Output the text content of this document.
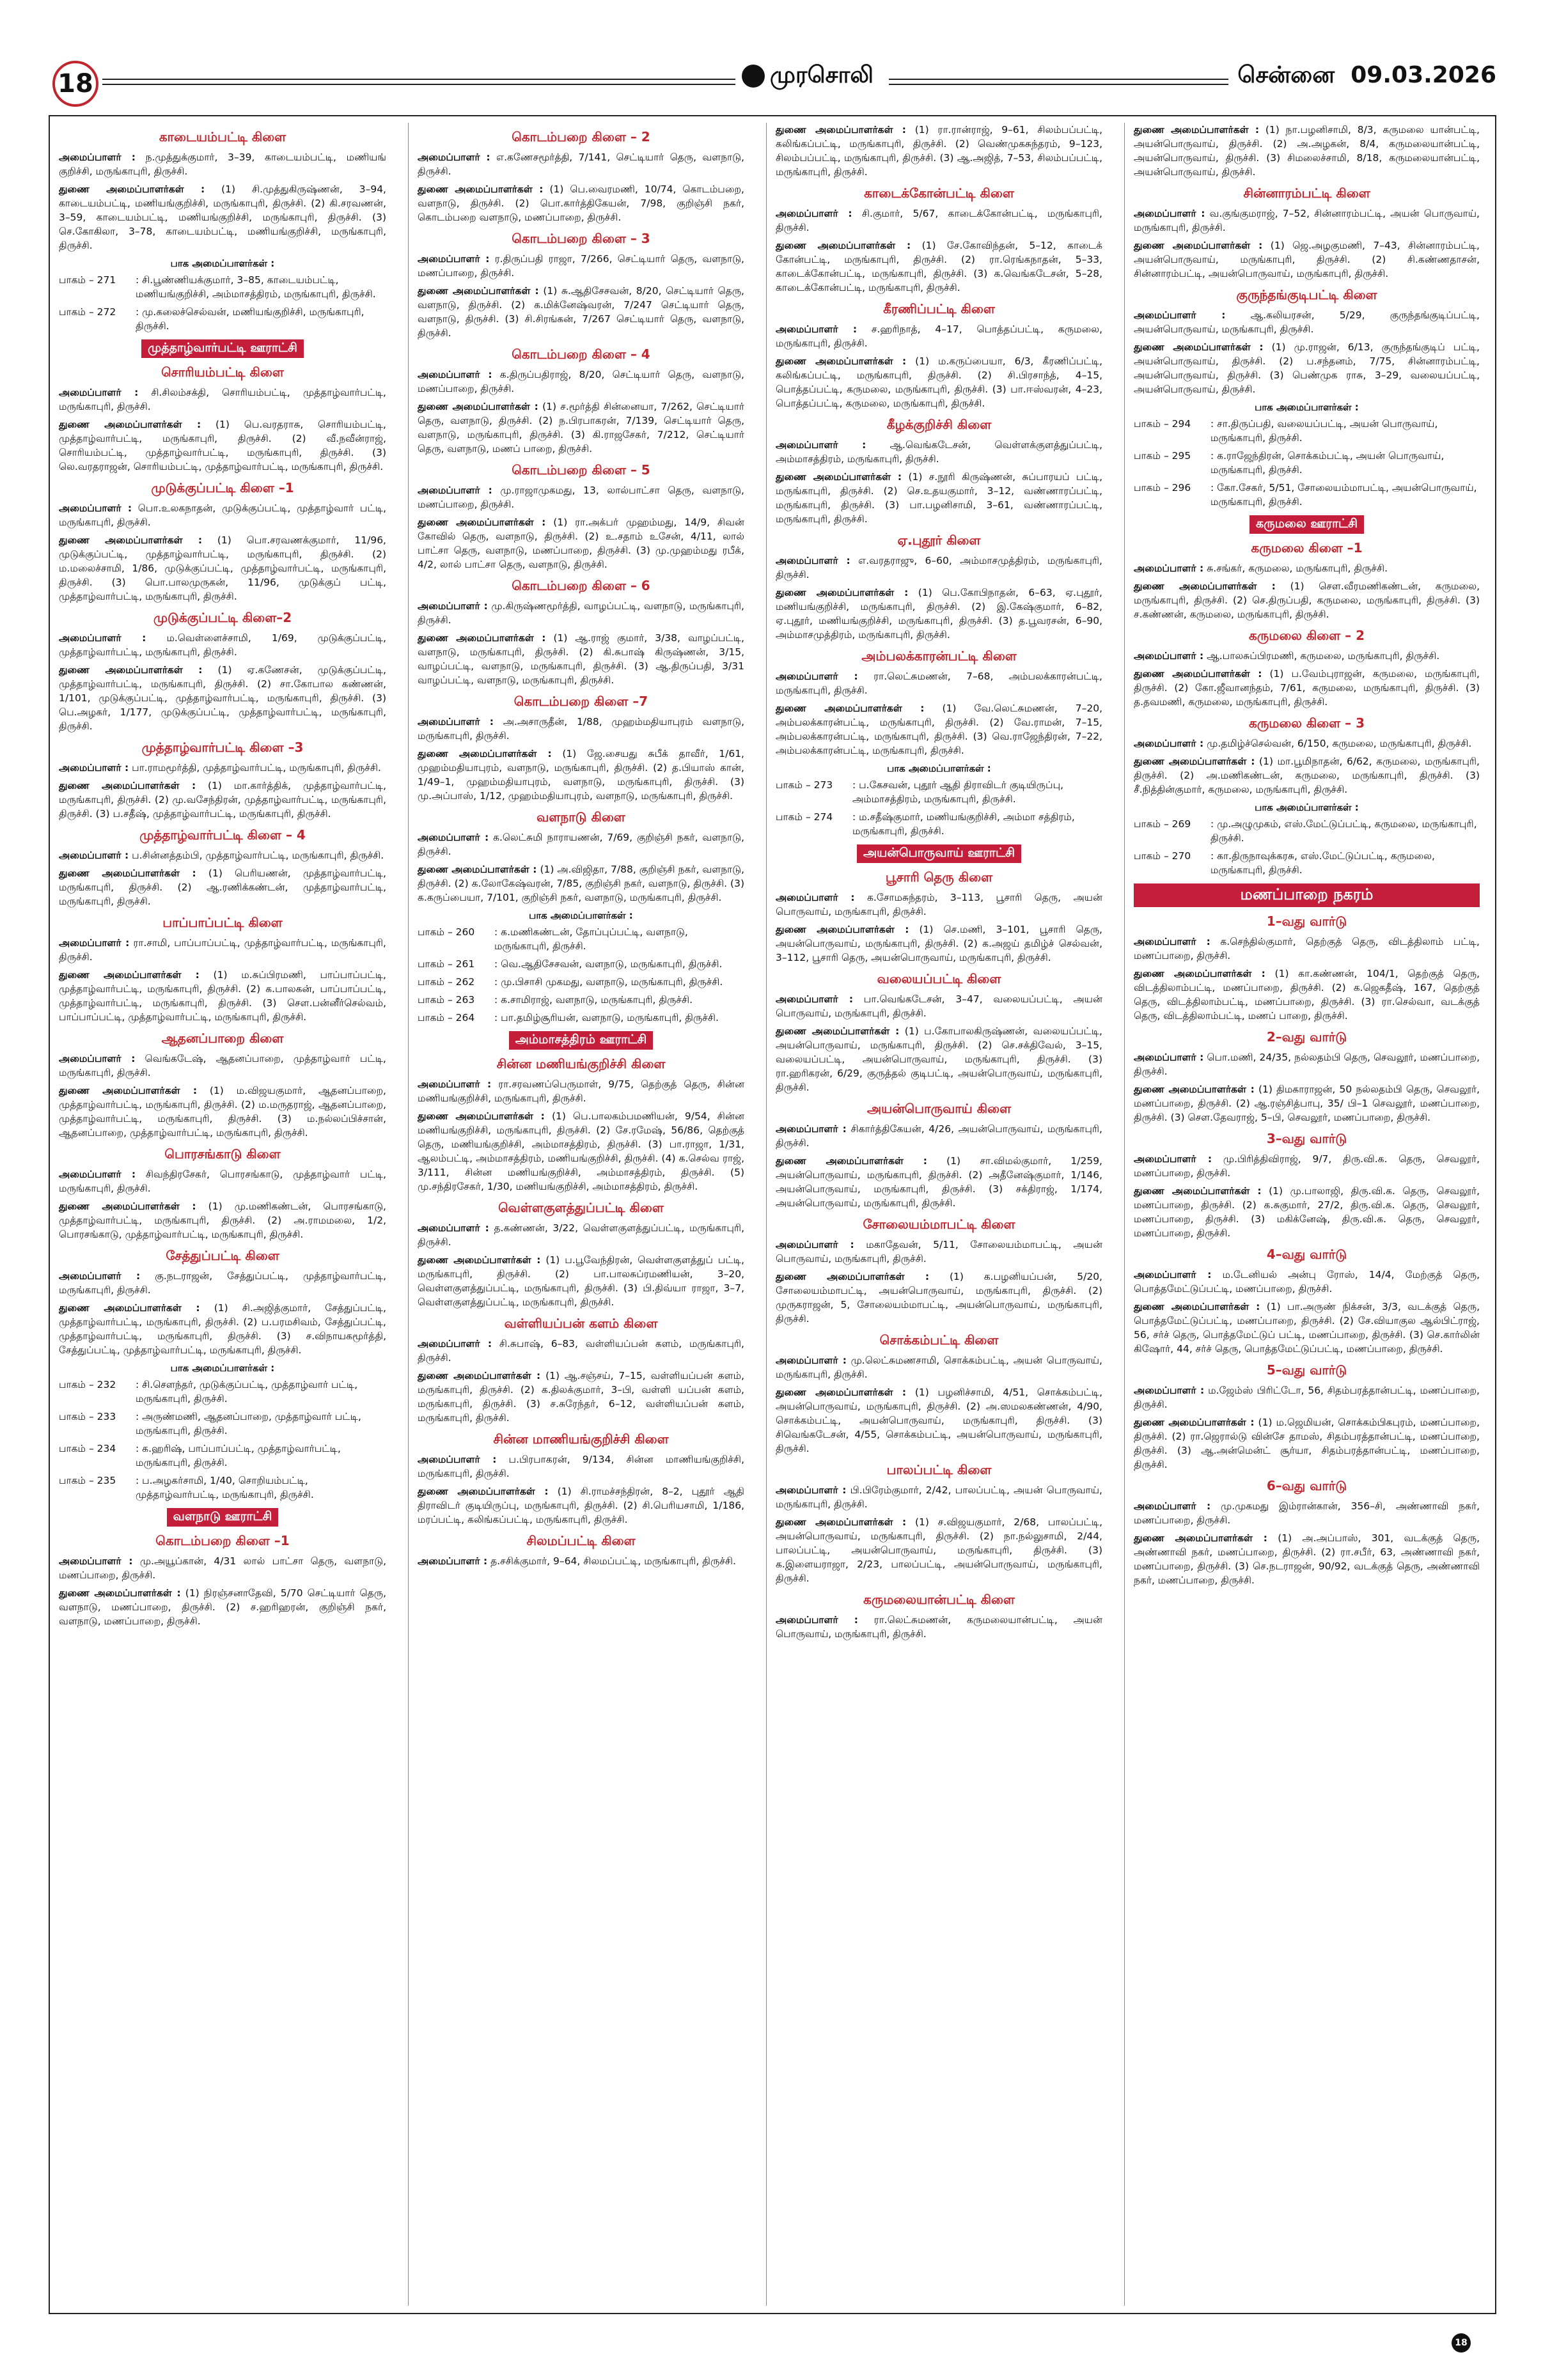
18	முரசொலி	சென்னை 09.03.2026
காடையம்பட்டி கிளை

அமைப்பாளர் : ந.முத்துக்குமார், 3–39, காடையம்பட்டி, மணியங் குறிச்சி, மருங்காபுரி, திருச்சி.

துணை அமைப்பாளர்கள் : (1) சி.முத்துகிருஷ்ணன், 3–94, காடையம்பட்டி, மணியங்குறிச்சி, மருங்காபுரி, திருச்சி. (2) கி.சரவணன், 3–59, காடையம்பட்டி, மணியங்குறிச்சி, மருங்காபுரி, திருச்சி. (3) செ.கோகிலா, 3–78, காடையம்பட்டி, மணியங்குறிச்சி, மருங்காபுரி, திருச்சி.

பாக அமைப்பாளர்கள் :
பாகம் – 271	: சி.பூண்ணியக்குமார், 3–85, காடையம்பட்டி, மணியங்குறிச்சி, அம்மாசத்திரம், மருங்காபுரி, திருச்சி.
பாகம் – 272	: மு.கலைச்செல்வன், மணியங்குறிச்சி, மருங்காபுரி, திருச்சி.
முத்தாழ்வார்பட்டி ஊராட்சி
சொரியம்பட்டி கிளை

அமைப்பாளர் : சி.சிலம்சக்தி, சொரியம்பட்டி, முத்தாழ்வார்பட்டி, மருங்காபுரி, திருச்சி.

துணை அமைப்பாளர்கள் : (1) பெ.வரதராசு, சொரியம்பட்டி, முத்தாழ்வார்பட்டி, மருங்காபுரி, திருச்சி. (2) வீ.நவீன்ராஜ், சொரியம்பட்டி, முத்தாழ்வார்பட்டி, மருங்காபுரி, திருச்சி. (3) லெ.வரதராஜன், சொரியம்பட்டி, முத்தாழ்வார்பட்டி, மருங்காபுரி, திருச்சி.

முடுக்குப்பட்டி கிளை –1

அமைப்பாளர் : பொ.உலகநாதன், முடுக்குப்பட்டி, முத்தாழ்வார் பட்டி, மருங்காபுரி, திருச்சி.

துணை அமைப்பாளர்கள் : (1) பொ.சரவணக்குமார், 11/96, முடுக்குப்பட்டி, முத்தாழ்வார்பட்டி, மருங்காபுரி, திருச்சி. (2) ம.மலைச்சாமி, 1/86, முடுக்குப்பட்டி, முத்தாழ்வார்பட்டி, மருங்காபுரி, திருச்சி. (3) பொ.பாலமுருகன், 11/96, முடுக்குப் பட்டி, முத்தாழ்வார்பட்டி, மருங்காபுரி, திருச்சி.

முடுக்குப்பட்டி கிளை–2

அமைப்பாளர் : ம.வெள்ளைச்சாமி, 1/69, முடுக்குப்பட்டி, முத்தாழ்வார்பட்டி, மருங்காபுரி, திருச்சி.

துணை அமைப்பாளர்கள் : (1) ஏ.கணேசன், முடுக்குப்பட்டி, முத்தாழ்வார்பட்டி, மருங்காபுரி, திருச்சி. (2) சா.கோபால கண்ணன், 1/101, முடுக்குப்பட்டி, முத்தாழ்வார்பட்டி, மருங்காபுரி, திருச்சி. (3) பெ.அழகர், 1/177, முடுக்குப்பட்டி, முத்தாழ்வார்பட்டி, மருங்காபுரி, திருச்சி.

முத்தாழ்வார்பட்டி கிளை –3

அமைப்பாளர் : பா.ராமமூர்த்தி, முத்தாழ்வார்பட்டி, மருங்காபுரி, திருச்சி.

துணை அமைப்பாளர்கள் : (1) மா.கார்த்திக், முத்தாழ்வார்பட்டி, மருங்காபுரி, திருச்சி. (2) மு.வசேந்திரன், முத்தாழ்வார்பட்டி, மருங்காபுரி, திருச்சி. (3) ப.சதீஷ், முத்தாழ்வார்பட்டி, மருங்காபுரி, திருச்சி.

முத்தாழ்வார்பட்டி கிளை – 4

அமைப்பாளர் : ப.சின்னத்தம்பி, முத்தாழ்வார்பட்டி, மருங்காபுரி, திருச்சி.

துணை அமைப்பாளர்கள் : (1) பெரியணன், முத்தாழ்வார்பட்டி, மருங்காபுரி, திருச்சி. (2) ஆ.ரணிக்கண்டன், முத்தாழ்வார்பட்டி, மருங்காபுரி, திருச்சி.

பாப்பாப்பட்டி கிளை

அமைப்பாளர் : ரா.சாமி, பாப்பாப்பட்டி, முத்தாழ்வார்பட்டி, மருங்காபுரி, திருச்சி.

துணை அமைப்பாளர்கள் : (1) ம.சுப்பிரமணி, பாப்பாப்பட்டி, முத்தாழ்வார்பட்டி, மருங்காபுரி, திருச்சி. (2) க.பாலகன், பாப்பாப்பட்டி, முத்தாழ்வார்பட்டி, மருங்காபுரி, திருச்சி. (3) சௌ.பன்னீர்செல்வம், பாப்பாப்பட்டி, முத்தாழ்வார்பட்டி, மருங்காபுரி, திருச்சி.

ஆதனப்பாறை கிளை

அமைப்பாளர் : வெங்கடேஷ், ஆதனப்பாறை, முத்தாழ்வார் பட்டி, மருங்காபுரி, திருச்சி.

துணை அமைப்பாளர்கள் : (1) ம.விஜயகுமார், ஆதனப்பாறை, முத்தாழ்வார்பட்டி, மருங்காபுரி, திருச்சி. (2) ம.மருதராஜ், ஆதனப்பாறை, முத்தாழ்வார்பட்டி, மருங்காபுரி, திருச்சி. (3) ம.நல்லப்பிச்சான், ஆதனப்பாறை, முத்தாழ்வார்பட்டி, மருங்காபுரி, திருச்சி.

பொரசங்காடு கிளை

அமைப்பாளர் : சிவந்திரசேகர், பொரசங்காடு, முத்தாழ்வார் பட்டி, மருங்காபுரி, திருச்சி.

துணை அமைப்பாளர்கள் : (1) மு.மணிகண்டன், பொரசங்காடு, முத்தாழ்வார்பட்டி, மருங்காபுரி, திருச்சி. (2) அ.ராமமலை, 1/2, பொரசங்காடு, முத்தாழ்வார்பட்டி, மருங்காபுரி, திருச்சி.

சேத்துப்பட்டி கிளை

அமைப்பாளர் : கு.நடராஜன், சேத்துப்பட்டி, முத்தாழ்வார்பட்டி, மருங்காபுரி, திருச்சி.

துணை அமைப்பாளர்கள் : (1) சி.அஜித்குமார், சேத்துப்பட்டி, முத்தாழ்வார்பட்டி, மருங்காபுரி, திருச்சி. (2) ப.பரமசிவம், சேத்துப்பட்டி, முத்தாழ்வார்பட்டி, மருங்காபுரி, திருச்சி. (3) ச.விநாயகமூர்த்தி, சேத்துப்பட்டி, முத்தாழ்வார்பட்டி, மருங்காபுரி, திருச்சி.

பாக அமைப்பாளர்கள் :
பாகம் – 232	: சி.சௌந்தர், முடுக்குப்பட்டி, முத்தாழ்வார் பட்டி, மருங்காபுரி, திருச்சி.
பாகம் – 233	: அருண்மணி, ஆதனப்பாறை, முத்தாழ்வார் பட்டி, மருங்காபுரி, திருச்சி.
பாகம் – 234	: க.ஹரிஷ், பாப்பாப்பட்டி, முத்தாழ்வார்பட்டி, மருங்காபுரி, திருச்சி.
பாகம் – 235	: ப.அழகர்சாமி, 1/40, சொறியம்பட்டி, முத்தாழ்வார்பட்டி, மருங்காபுரி, திருச்சி.
வளநாடு ஊராட்சி
கொடம்பறை கிளை –1

அமைப்பாளர் : மு.அயூப்கான், 4/31 லால் பாட்சா தெரு, வளநாடு, மணப்பாறை, திருச்சி.

துணை அமைப்பாளர்கள் : (1) நிரஞ்சனாதேவி, 5/70 செட்டியார் தெரு, வளநாடு, மணப்பாறை, திருச்சி. (2) ச.ஹரிஹரன், குறிஞ்சி நகர், வளநாடு, மணப்பாறை, திருச்சி.

கொடம்பறை கிளை – 2

அமைப்பாளர் : எ.கணேசமூர்த்தி, 7/141, செட்டியார் தெரு, வளநாடு, திருச்சி.

துணை அமைப்பாளர்கள் : (1) பெ.வைரமணி, 10/74, கொடம்பறை, வளநாடு, திருச்சி. (2) பொ.கார்த்திகேயன், 7/98, குறிஞ்சி நகர், கொடம்பறை வளநாடு, மணப்பாறை, திருச்சி.

கொடம்பறை கிளை – 3

அமைப்பாளர் : ர.திருப்பதி ராஜா, 7/266, செட்டியார் தெரு, வளநாடு, மணப்பாறை, திருச்சி.

துணை அமைப்பாளர்கள் : (1) சு.ஆதிசேசவன், 8/20, செட்டியார் தெரு, வளநாடு, திருச்சி. (2) க.மிக்னேஷ்வரன், 7/247 செட்டியார் தெரு, வளநாடு, திருச்சி. (3) சி.சிரங்கன், 7/267 செட்டியார் தெரு, வளநாடு, திருச்சி.

கொடம்பறை கிளை – 4

அமைப்பாளர் : க.திருப்பதிராஜ், 8/20, செட்டியார் தெரு, வளநாடு, மணப்பாறை, திருச்சி.

துணை அமைப்பாளர்கள் : (1) ச.மூர்த்தி சின்னையா, 7/262, செட்டியார் தெரு, வளநாடு, திருச்சி. (2) ந.பிரபாகரன், 7/139, செட்டியார் தெரு, வளநாடு, மருங்காபுரி, திருச்சி. (3) கி.ராஜசேகர், 7/212, செட்டியார் தெரு, வளநாடு, மணப் பாறை, திருச்சி.

கொடம்பறை கிளை – 5

அமைப்பாளர் : மு.ராஜாமுகமது, 13, லால்பாட்சா தெரு, வளநாடு, மணப்பாறை, திருச்சி.

துணை அமைப்பாளர்கள் : (1) ரா.அக்பர் முஹம்மது, 14/9, சிவன் கோவில் தெரு, வளநாடு, திருச்சி. (2) உ.சதாம் உசேன், 4/11, லால் பாட்சா தெரு, வளநாடு, மணப்பாறை, திருச்சி. (3) மு.முஹம்மது ரபீக், 4/2, லால் பாட்சா தெரு, வளநாடு, திருச்சி.

கொடம்பறை கிளை – 6

அமைப்பாளர் : மு.கிருஷ்ணமூர்த்தி, வாழப்பட்டி, வளநாடு, மருங்காபுரி, திருச்சி.

துணை அமைப்பாளர்கள் : (1) ஆ.ராஜ் குமார், 3/38, வாழப்பட்டி, வளநாடு, மருங்காபுரி, திருச்சி. (2) கி.சுபாஷ் கிருஷ்ணன், 3/15, வாழப்பட்டி, வளநாடு, மருங்காபுரி, திருச்சி. (3) ஆ.திருப்பதி, 3/31 வாழப்பட்டி, வளநாடு, மருங்காபுரி, திருச்சி.

கொடம்பறை கிளை –7

அமைப்பாளர் : அ.அசாருதீன், 1/88, முஹம்மதியாபுரம் வளநாடு, மருங்காபுரி, திருச்சி.

துணை அமைப்பாளர்கள் : (1) ஜே.சையது சுபீக் தாவீர், 1/61, முஹம்மதியாபுரம், வளநாடு, மருங்காபுரி, திருச்சி. (2) த.பியாஸ் கான், 1/49–1, முஹம்மதியாபுரம், வளநாடு, மருங்காபுரி, திருச்சி. (3) மு.அப்பாஸ், 1/12, முஹம்மதியாபுரம், வளநாடு, மருங்காபுரி, திருச்சி.

வளநாடு கிளை

அமைப்பாளர் : க.லெட்சுமி நாராயணன், 7/69, குறிஞ்சி நகர், வளநாடு, திருச்சி.

துணை அமைப்பாளர்கள் : (1) அ.விஜிதா, 7/88, குறிஞ்சி நகர், வளநாடு, திருச்சி. (2) க.லோகேஷ்வரன், 7/85, குறிஞ்சி நகர், வளநாடு, திருச்சி. (3) க.கருப்பையா, 7/101, குறிஞ்சி நகர், வளநாடு, மருங்காபுரி, திருச்சி.

பாக அமைப்பாளர்கள் :
பாகம் – 260	: க.மணிகண்டன், தோப்புப்பட்டி, வளநாடு, மருங்காபுரி, திருச்சி.
பாகம் – 261	: வெ.ஆதிசேசவன், வளநாடு, மருங்காபுரி, திருச்சி.
பாகம் – 262	: மு.பிசாசி முகமது, வளநாடு, மருங்காபுரி, திருச்சி.
பாகம் – 263	: க.சாமிராஜ், வளநாடு, மருங்காபுரி, திருச்சி.
பாகம் – 264	: பா.தமிழ்சூரியன், வளநாடு, மருங்காபுரி, திருச்சி.
அம்மாசத்திரம் ஊராட்சி
சின்ன மணியங்குறிச்சி கிளை

அமைப்பாளர் : ரா.சரவணப்பெருமாள், 9/75, தெற்குத் தெரு, சின்ன மணியங்குறிச்சி, மருங்காபுரி, திருச்சி.

துணை அமைப்பாளர்கள் : (1) பெ.பாலகம்பமணியன், 9/54, சின்ன மணியங்குறிச்சி, மருங்காபுரி, திருச்சி. (2) சே.ரமேஷ், 56/86, தெற்குத் தெரு, மணியங்குறிச்சி, அம்மாசத்திரம், திருச்சி. (3) பா.ராஜா, 1/31, ஆலம்பட்டி, அம்மாசத்திரம், மணியங்குறிச்சி, திருச்சி. (4) க.செல்வ ராஜ், 3/111, சின்ன மணியங்குறிச்சி, அம்மாசத்திரம், திருச்சி. (5) மு.சந்திரசேகர், 1/30, மணியங்குறிச்சி, அம்மாசத்திரம், திருச்சி.

வெள்ளகுளத்துப்பட்டி கிளை

அமைப்பாளர் : த.கண்ணன், 3/22, வெள்ளகுளத்துப்பட்டி, மருங்காபுரி, திருச்சி.

துணை அமைப்பாளர்கள் : (1) ப.பூவேந்திரன், வெள்ளகுளத்துப் பட்டி, மருங்காபுரி, திருச்சி. (2) பா.பாலசுப்ரமணியன், 3–20, வெள்ளகுளத்துப்பட்டி, மருங்காபுரி, திருச்சி. (3) பி.திவ்யா ராஜா, 3–7, வெள்ளகுளத்துப்பட்டி, மருங்காபுரி, திருச்சி.

வள்ளியப்பன் களம் கிளை

அமைப்பாளர் : சி.சுபாஷ், 6–83, வள்ளியப்பன் களம், மருங்காபுரி, திருச்சி.

துணை அமைப்பாளர்கள் : (1) ஆ.சஞ்சய், 7–15, வள்ளியப்பன் களம், மருங்காபுரி, திருச்சி. (2) க.திலக்குமார், 3–பி, வள்ளி யப்பன் களம், மருங்காபுரி, திருச்சி. (3) ச.சுரேந்தர், 6–12, வள்ளியப்பன் களம், மருங்காபுரி, திருச்சி.

சின்ன மாணியங்குறிச்சி கிளை

அமைப்பாளர் : ப.பிரபாகரன், 9/134, சின்ன மாணியங்குறிச்சி, மருங்காபுரி, திருச்சி.

துணை அமைப்பாளர்கள் : (1) சி.ராமச்சந்திரன், 8–2, புதூர் ஆதி திராவிடர் குடியிருப்பு, மருங்காபுரி, திருச்சி. (2) சி.பெரியசாமி, 1/186, மரப்பட்டி, கலிங்கப்பட்டி, மருங்காபுரி, திருச்சி.

சிலமப்பட்டி கிளை

அமைப்பாளர் : த.சசிக்குமார், 9–64, சிலமப்பட்டி, மருங்காபுரி, திருச்சி.

துணை அமைப்பாளர்கள் : (1) ரா.ரான்ராஜ், 9–61, சிலம்பப்பட்டி, கலிங்கப்பட்டி, மருங்காபுரி, திருச்சி. (2) வெண்முகசுந்தரம், 9–123, சிலம்பப்பட்டி, மருங்காபுரி, திருச்சி. (3) ஆ.அஜித், 7–53, சிலம்பப்பட்டி, மருங்காபுரி, திருச்சி.

காடைக்கோன்பட்டி கிளை

அமைப்பாளர் : சி.குமார், 5/67, காடைக்கோன்பட்டி, மருங்காபுரி, திருச்சி.

துணை அமைப்பாளர்கள் : (1) சே.கோவிந்தன், 5–12, காடைக் கோன்பட்டி, மருங்காபுரி, திருச்சி. (2) ரா.ரெங்கநாதன், 5–33, காடைக்கோன்பட்டி, மருங்காபுரி, திருச்சி. (3) க.வெங்கடேசன், 5–28, காடைக்கோன்பட்டி, மருங்காபுரி, திருச்சி.

கீரணிப்பட்டி கிளை

அமைப்பாளர் : ச.ஹரிநாத், 4–17, பொத்தப்பட்டி, கருமலை, மருங்காபுரி, திருச்சி.

துணை அமைப்பாளர்கள் : (1) ம.கருப்பையா, 6/3, கீரணிப்பட்டி, கலிங்கப்பட்டி, மருங்காபுரி, திருச்சி. (2) சி.பிரசாந்த், 4–15, பொத்தப்பட்டி, கருமலை, மருங்காபுரி, திருச்சி. (3) பா.ஈஸ்வரன், 4–23, பொத்தப்பட்டி, கருமலை, மருங்காபுரி, திருச்சி.

கீழக்குறிச்சி கிளை

அமைப்பாளர் : ஆ.வெங்கடேசன், வெள்ளக்குளத்துப்பட்டி, அம்மாசத்திரம், மருங்காபுரி, திருச்சி.

துணை அமைப்பாளர்கள் : (1) ச.நூரி கிருஷ்ணன், சுப்பாரயப் பட்டி, மருங்காபுரி, திருச்சி. (2) செ.உதயகுமார், 3–12, வண்ணாரப்பட்டி, மருங்காபுரி, திருச்சி. (3) பா.பழனிசாமி, 3–61, வண்ணாரப்பட்டி, மருங்காபுரி, திருச்சி.

ஏ.புதூர் கிளை

அமைப்பாளர் : எ.வரதராஜு, 6–60, அம்மாசமுத்திரம், மருங்காபுரி, திருச்சி.

துணை அமைப்பாளர்கள் : (1) பெ.கோபிநாதன், 6–63, ஏ.புதூர், மணியங்குறிச்சி, மருங்காபுரி, திருச்சி. (2) இ.கேஷ்குமார், 6–82, ஏ.புதூர், மணியங்குறிச்சி, மருங்காபுரி, திருச்சி. (3) த.பூவரசன், 6–90, அம்மாசமுத்திரம், மருங்காபுரி, திருச்சி.

அம்பலக்காரன்பட்டி கிளை

அமைப்பாளர் : ரா.லெட்சுமணன், 7–68, அம்பலக்காரன்பட்டி, மருங்காபுரி, திருச்சி.

துணை அமைப்பாளர்கள் : (1) வே.லெட்சுமணன், 7–20, அம்பலக்காரன்பட்டி, மருங்காபுரி, திருச்சி. (2) வே.ராமன், 7–15, அம்பலக்காரன்பட்டி, மருங்காபுரி, திருச்சி. (3) வெ.ராஜேந்திரன், 7–22, அம்பலக்காரன்பட்டி, மருங்காபுரி, திருச்சி.

பாக அமைப்பாளர்கள் :
பாகம் – 273	: ப.கேசவன், புதூர் ஆதி திராவிடர் குடியிருப்பு, அம்மாசத்திரம், மருங்காபுரி, திருச்சி.
பாகம் – 274	: ம.சதீஷ்குமார், மணியங்குறிச்சி, அம்மா சத்திரம், மருங்காபுரி, திருச்சி.
அயன்பொருவாய் ஊராட்சி
பூசாரி தெரு கிளை

அமைப்பாளர் : க.சோமசுந்தரம், 3–113, பூசாரி தெரு, அயன் பொருவாய், மருங்காபுரி, திருச்சி.

துணை அமைப்பாளர்கள் : (1) செ.மணி, 3–101, பூசாரி தெரு, அயன்பொருவாய், மருங்காபுரி, திருச்சி. (2) க.அஜய் தமிழ்ச் செல்வன், 3–112, பூசாரி தெரு, அயன்பொருவாய், மருங்காபுரி, திருச்சி.

வலையப்பட்டி கிளை

அமைப்பாளர் : பா.வெங்கடேசன், 3–47, வலையப்பட்டி, அயன் பொருவாய், மருங்காபுரி, திருச்சி.

துணை அமைப்பாளர்கள் : (1) ப.கோபாலகிருஷ்ணன், வலையப்பட்டி, அயன்பொருவாய், மருங்காபுரி, திருச்சி. (2) செ.சக்திவேல், 3–15, வலையப்பட்டி, அயன்பொருவாய், மருங்காபுரி, திருச்சி. (3) ரா.ஹரிகரன், 6/29, குருத்தல் குடிபட்டி, அயன்பொருவாய், மருங்காபுரி, திருச்சி.

அயன்பொருவாய் கிளை

அமைப்பாளர் : சிகார்த்திகேயன், 4/26, அயன்பொருவாய், மருங்காபுரி, திருச்சி.

துணை அமைப்பாளர்கள் : (1) சா.விமல்குமார், 1/259, அயன்பொருவாய், மருங்காபுரி, திருச்சி. (2) அதீனேஷ்குமார், 1/146, அயன்பொருவாய், மருங்காபுரி, திருச்சி. (3) சக்திராஜ், 1/174, அயன்பொருவாய், மருங்காபுரி, திருச்சி.

சோலையம்மாபட்டி கிளை

அமைப்பாளர் : மகாதேவன், 5/11, சோலையம்மாபட்டி, அயன் பொருவாய், மருங்காபுரி, திருச்சி.

துணை அமைப்பாளர்கள் : (1) க.பழனியப்பன், 5/20, சோலையம்மாபட்டி, அயன்பொருவாய், மருங்காபுரி, திருச்சி. (2) முருகராஜன், 5, சோலையம்மாபட்டி, அயன்பொருவாய், மருங்காபுரி, திருச்சி.

சொக்கம்பட்டி கிளை

அமைப்பாளர் : மு.லெட்சுமணசாமி, சொக்கம்பட்டி, அயன் பொருவாய், மருங்காபுரி, திருச்சி.

துணை அமைப்பாளர்கள் : (1) பழனிச்சாமி, 4/51, சொக்கம்பட்டி, அயன்பொருவாய், மருங்காபுரி, திருச்சி. (2) அ.ஸமலகண்ணன், 4/90, சொக்கம்பட்டி, அயன்பொருவாய், மருங்காபுரி, திருச்சி. (3) சிவெங்கடேசன், 4/55, சொக்கம்பட்டி, அயன்பொருவாய், மருங்காபுரி, திருச்சி.

பாலப்பட்டி கிளை

அமைப்பாளர் : பி.பிரேம்குமார், 2/42, பாலப்பட்டி, அயன் பொருவாய், மருங்காபுரி, திருச்சி.

துணை அமைப்பாளர்கள் : (1) ச.விஜயகுமார், 2/68, பாலப்பட்டி, அயன்பொருவாய், மருங்காபுரி, திருச்சி. (2) நா.நல்லுசாமி, 2/44, பாலப்பட்டி, அயன்பொருவாய், மருங்காபுரி, திருச்சி. (3) க.இளையராஜா, 2/23, பாலப்பட்டி, அயன்பொருவாய், மருங்காபுரி, திருச்சி.

கருமலையான்பட்டி கிளை

அமைப்பாளர் : ரா.லெட்சுமணன், கருமலையான்பட்டி, அயன் பொருவாய், மருங்காபுரி, திருச்சி.

துணை அமைப்பாளர்கள் : (1) நா.பழனிசாமி, 8/3, கருமலை யான்பட்டி, அயன்பொருவாய், திருச்சி. (2) அ.அழகன், 8/4, கருமலையான்பட்டி, அயன்பொருவாய், திருச்சி. (3) சிமலைச்சாமி, 8/18, கருமலையான்பட்டி, அயன்பொருவாய், திருச்சி.

சின்னாரம்பட்டி கிளை

அமைப்பாளர் : வ.குங்குமராஜ், 7–52, சின்னாரம்பட்டி, அயன் பொருவாய், மருங்காபுரி, திருச்சி.

துணை அமைப்பாளர்கள் : (1) ஜெ.அழகுமணி, 7–43, சின்னாரம்பட்டி, அயன்பொருவாய், மருங்காபுரி, திருச்சி. (2) சி.கண்ணதாசன், சின்னாரம்பட்டி, அயன்பொருவாய், மருங்காபுரி, திருச்சி.

குருந்தங்குடிபட்டி கிளை

அமைப்பாளர் :	ஆ.கலியரசன், 5/29, குருந்தங்குடிப்பட்டி, அயன்பொருவாய், மருங்காபுரி, திருச்சி.

துணை அமைப்பாளர்கள் : (1) மு.ராஜன், 6/13, குருந்தங்குடிப் பட்டி, அயன்பொருவாய், திருச்சி. (2) ப.சந்தனம், 7/75, சின்னாரம்பட்டி, அயன்பொருவாய், திருச்சி. (3) பெண்முக ராசு, 3–29, வலையப்பட்டி, அயன்பொருவாய், திருச்சி.

பாக அமைப்பாளர்கள் :
பாகம் – 294	: சா.திருப்பதி, வலையப்பட்டி, அயன் பொருவாய், மருங்காபுரி, திருச்சி.
பாகம் – 295	: க.ராஜேந்திரன், சொக்கம்பட்டி, அயன் பொருவாய், மருங்காபுரி, திருச்சி.
பாகம் – 296	: கோ.சேகர், 5/51, சோலையம்மாபட்டி, அயன்பொருவாய், மருங்காபுரி, திருச்சி.
கருமலை ஊராட்சி
கருமலை கிளை –1

அமைப்பாளர் : சு.சங்கர், கருமலை, மருங்காபுரி, திருச்சி.

துணை அமைப்பாளர்கள் : (1) சௌ.வீரமணிகண்டன், கருமலை, மருங்காபுரி, திருச்சி. (2) செ.திருப்பதி, கருமலை, மருங்காபுரி, திருச்சி. (3) ச.கண்ணன், கருமலை, மருங்காபுரி, திருச்சி.

கருமலை கிளை – 2

அமைப்பாளர் : ஆ.பாலசுப்பிரமணி, கருமலை, மருங்காபுரி, திருச்சி.

துணை அமைப்பாளர்கள் : (1) ப.வேம்புராஜன், கருமலை, மருங்காபுரி, திருச்சி. (2) கோ.ஜீவானந்தம், 7/61, கருமலை, மருங்காபுரி, திருச்சி. (3) த.தவமணி, கருமலை, மருங்காபுரி, திருச்சி.

கருமலை கிளை – 3

அமைப்பாளர் : மு.தமிழ்ச்செல்வன், 6/150, கருமலை, மருங்காபுரி, திருச்சி.

துணை அமைப்பாளர்கள் : (1) மா.பூமிநாதன், 6/62, கருமலை, மருங்காபுரி, திருச்சி. (2) அ.மணிகண்டன், கருமலை, மருங்காபுரி, திருச்சி. (3) சீ.நித்தின்குமார், கருமலை, மருங்காபுரி, திருச்சி.

பாக அமைப்பாளர்கள் :
பாகம் – 269	: மு.அழுமுகம், எஸ்.மேட்டுப்பட்டி, கருமலை, மருங்காபுரி, திருச்சி.
பாகம் – 270	: கா.திருநாவுக்கரசு, எஸ்.மேட்டுப்பட்டி, கருமலை, மருங்காபுரி, திருச்சி.
மணப்பாறை நகரம்
1–வது வார்டு

அமைப்பாளர் : க.செந்தில்குமார், தெற்குத் தெரு, விடத்திலாம் பட்டி, மணப்பாறை, திருச்சி.

துணை அமைப்பாளர்கள் : (1) கா.கண்ணன், 104/1, தெற்குத் தெரு, விடத்திலாம்பட்டி, மணப்பாறை, திருச்சி. (2) க.ஜெகதீஷ், 167, தெற்குத் தெரு, விடத்திலாம்பட்டி, மணப்பாறை, திருச்சி. (3) ரா.செல்வா, வடக்குத் தெரு, விடத்திலாம்பட்டி, மணப் பாறை, திருச்சி.

2–வது வார்டு

அமைப்பாளர் : பொ.மணி, 24/35, நல்லதம்பி தெரு, செவலூர், மணப்பாறை, திருச்சி.

துணை அமைப்பாளர்கள் : (1) திமகாராஜன், 50 நல்லதம்பி தெரு, செவலூர், மணப்பாறை, திருச்சி. (2) ஆ.ரஞ்சித்பாபு, 35/ பி–1 செவலூர், மணப்பாறை, திருச்சி. (3) சௌ.தேவராஜ், 5–பி, செவலூர், மணப்பாறை, திருச்சி.

3–வது வார்டு

அமைப்பாளர் : மு.பிரித்திவிராஜ், 9/7, திரு.வி.க. தெரு, செவலூர், மணப்பாறை, திருச்சி.

துணை அமைப்பாளர்கள் : (1) மு.பாலாஜி, திரு.வி.க. தெரு, செவலூர், மணப்பாறை, திருச்சி. (2) க.சுகுமார், 27/2, திரு.வி.க. தெரு, செவலூர், மணப்பாறை, திருச்சி. (3) மகிக்னேஷ், திரு.வி.க. தெரு, செவலூர், மணப்பாறை, திருச்சி.

4–வது வார்டு

அமைப்பாளர் : ம.டேனியல் அன்பு ரோஸ், 14/4, மேற்குத் தெரு, பொத்தமேட்டுப்பட்டி, மணப்பாறை, திருச்சி.

துணை அமைப்பாளர்கள் : (1) பா.அருண் நிக்சன், 3/3, வடக்குத் தெரு, பொத்தமேட்டுப்பட்டி, மணப்பாறை, திருச்சி. (2) சே.வியாகுல ஆல்பிட்ராஜ், 56, சர்ச் தெரு, பொத்தமேட்டுப் பட்டி, மணப்பாறை, திருச்சி. (3) செ.கார்லின் கிஷோர், 44, சர்ச் தெரு, பொத்தமேட்டுப்பட்டி, மணப்பாறை, திருச்சி.

5–வது வார்டு

அமைப்பாளர் : ம.ஜேம்ஸ் பிரிட்டோ, 56, சிதம்பரத்தான்பட்டி, மணப்பாறை, திருச்சி.

துணை அமைப்பாளர்கள் : (1) ம.ஜெமியன், சொக்கம்பிகபுரம், மணப்பாறை, திருச்சி. (2) ரா.ஜெரால்டு வின்சே தாமஸ், சிதம்பரத்தான்பட்டி, மணப்பாறை, திருச்சி. (3) ஆ.அன்மென்ட் சூர்யா, சிதம்பரத்தான்பட்டி, மணப்பாறை, திருச்சி.

6–வது வார்டு

அமைப்பாளர் : மு.முகமது இம்ரான்கான், 356–சி, அண்ணாவி நகர், மணப்பாறை, திருச்சி.

துணை அமைப்பாளர்கள் : (1) அ.அப்பாஸ், 301, வடக்குத் தெரு, அண்ணாவி நகர், மணப்பாறை, திருச்சி. (2) ரா.சபீர், 63, அண்ணாவி நகர், மணப்பாறை, திருச்சி. (3) செ.நடராஜன், 90/92, வடக்குத் தெரு, அண்ணாவி நகர், மணப்பாறை, திருச்சி.

18
